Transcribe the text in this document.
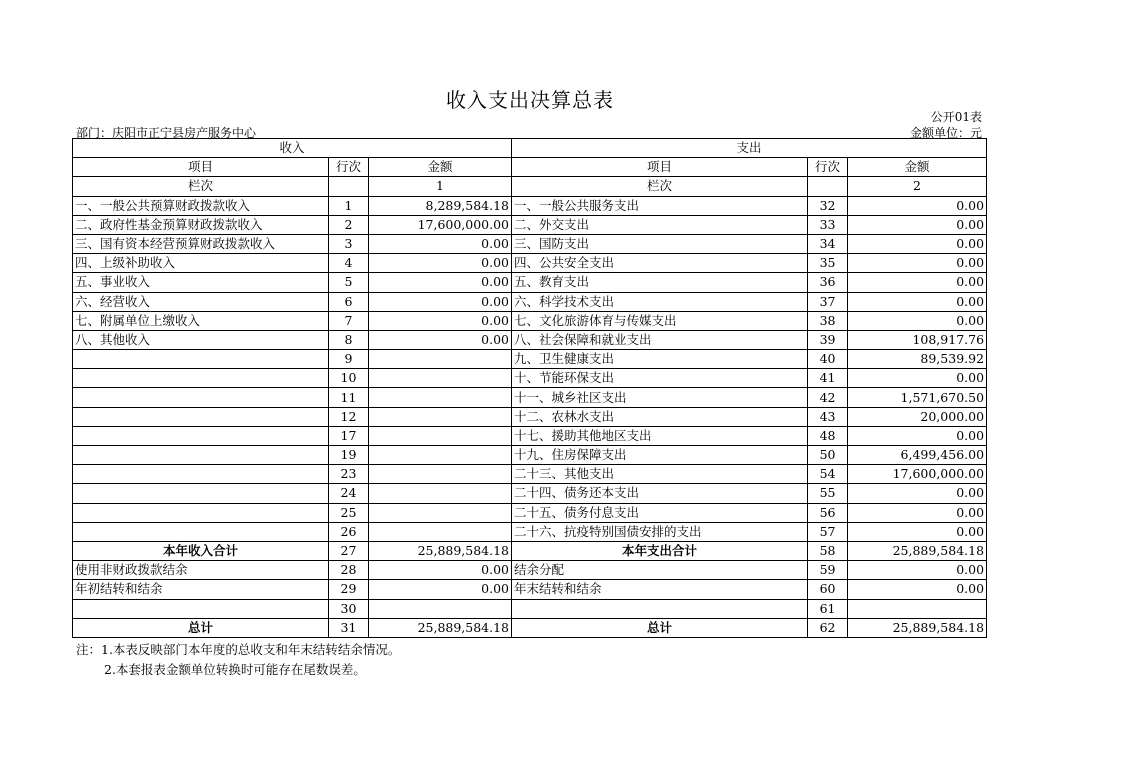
收入支出决算总表
公开01表
部门：庆阳市正宁县房产服务中心	金额单位：元
收入			支出		
项目	行次	金额	项目	行次	金额
栏次		1	栏次		2
一、一般公共预算财政拨款收入	1	8,289,584.18	一、一般公共服务支出	32	0.00
二、政府性基金预算财政拨款收入	2	17,600,000.00	二、外交支出	33	0.00
三、国有资本经营预算财政拨款收入	3	0.00	三、国防支出	34	0.00
四、上级补助收入	4	0.00	四、公共安全支出	35	0.00
五、事业收入	5	0.00	五、教育支出	36	0.00
六、经营收入	6	0.00	六、科学技术支出	37	0.00
七、附属单位上缴收入	7	0.00	七、文化旅游体育与传媒支出	38	0.00
八、其他收入	8	0.00	八、社会保障和就业支出	39	108,917.76
	9		九、卫生健康支出	40	89,539.92
	10		十、节能环保支出	41	0.00
	11		十一、城乡社区支出	42	1,571,670.50
	12		十二、农林水支出	43	20,000.00
	17		十七、援助其他地区支出	48	0.00
	19		十九、住房保障支出	50	6,499,456.00
	23		二十三、其他支出	54	17,600,000.00
	24		二十四、债务还本支出	55	0.00
	25		二十五、债务付息支出	56	0.00
	26		二十六、抗疫特别国债安排的支出	57	0.00
本年收入合计	27	25,889,584.18	本年支出合计	58	25,889,584.18
使用非财政拨款结余	28	0.00	结余分配	59	0.00
年初结转和结余	29	0.00	年末结转和结余	60	0.00
	30			61	
总计	31	25,889,584.18	总计	62	25,889,584.18
注：1.本表反映部门本年度的总收支和年末结转结余情况。
2.本套报表金额单位转换时可能存在尾数误差。
